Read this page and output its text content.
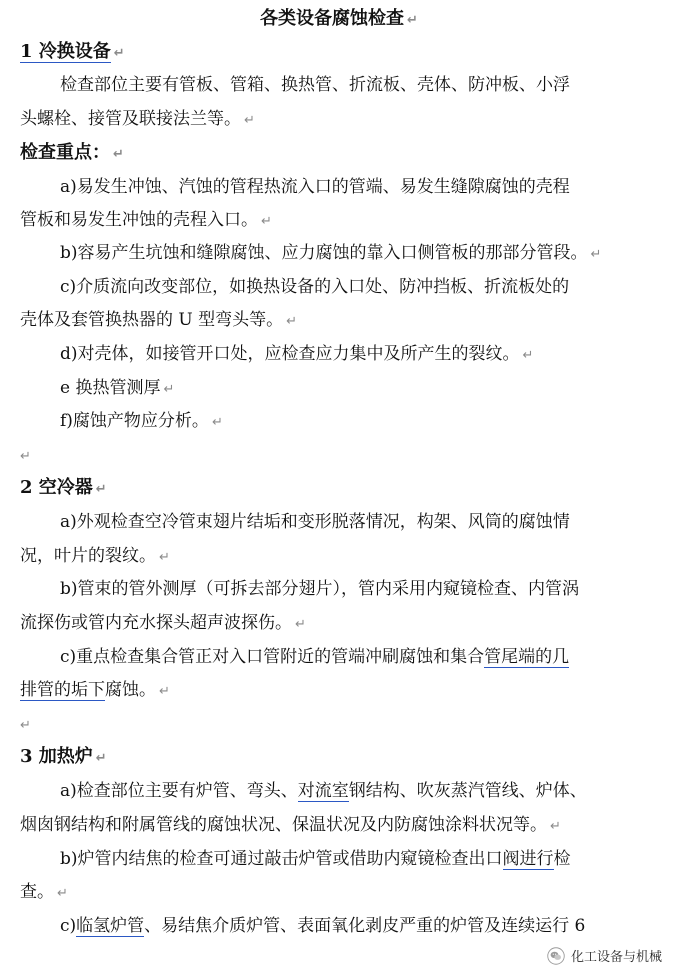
各类设备腐蚀检查 ↵
1 冷换设备 ↵
检查部位主要有管板、管箱、换热管、折流板、壳体、防冲板、小浮
头螺栓、接管及联接法兰等。 ↵
检查重点： ↵
a)易发生冲蚀、汽蚀的管程热流入口的管端、易发生缝隙腐蚀的壳程
管板和易发生冲蚀的壳程入口。 ↵
b)容易产生坑蚀和缝隙腐蚀、应力腐蚀的靠入口侧管板的那部分管段。 ↵
c)介质流向改变部位，如换热设备的入口处、防冲挡板、折流板处的
壳体及套管换热器的 U 型弯头等。 ↵
d)对壳体，如接管开口处，应检查应力集中及所产生的裂纹。 ↵
e 换热管测厚 ↵
f)腐蚀产物应分析。 ↵
↵
2 空冷器 ↵
a)外观检查空冷管束翅片结垢和变形脱落情况，构架、风筒的腐蚀情
况，叶片的裂纹。 ↵
b)管束的管外测厚（可拆去部分翅片），管内采用内窥镜检查、内管涡
流探伤或管内充水探头超声波探伤。 ↵
c)重点检查集合管正对入口管附近的管端冲刷腐蚀和集合管尾端的几
排管的垢下腐蚀。 ↵
↵
3 加热炉 ↵
a)检查部位主要有炉管、弯头、对流室钢结构、吹灰蒸汽管线、炉体、
烟囱钢结构和附属管线的腐蚀状况、保温状况及内防腐蚀涂料状况等。 ↵
b)炉管内结焦的检查可通过敲击炉管或借助内窥镜检查出口阀进行检
查。 ↵
c)临氢炉管、易结焦介质炉管、表面氧化剥皮严重的炉管及连续运行 6
化工设备与机械
